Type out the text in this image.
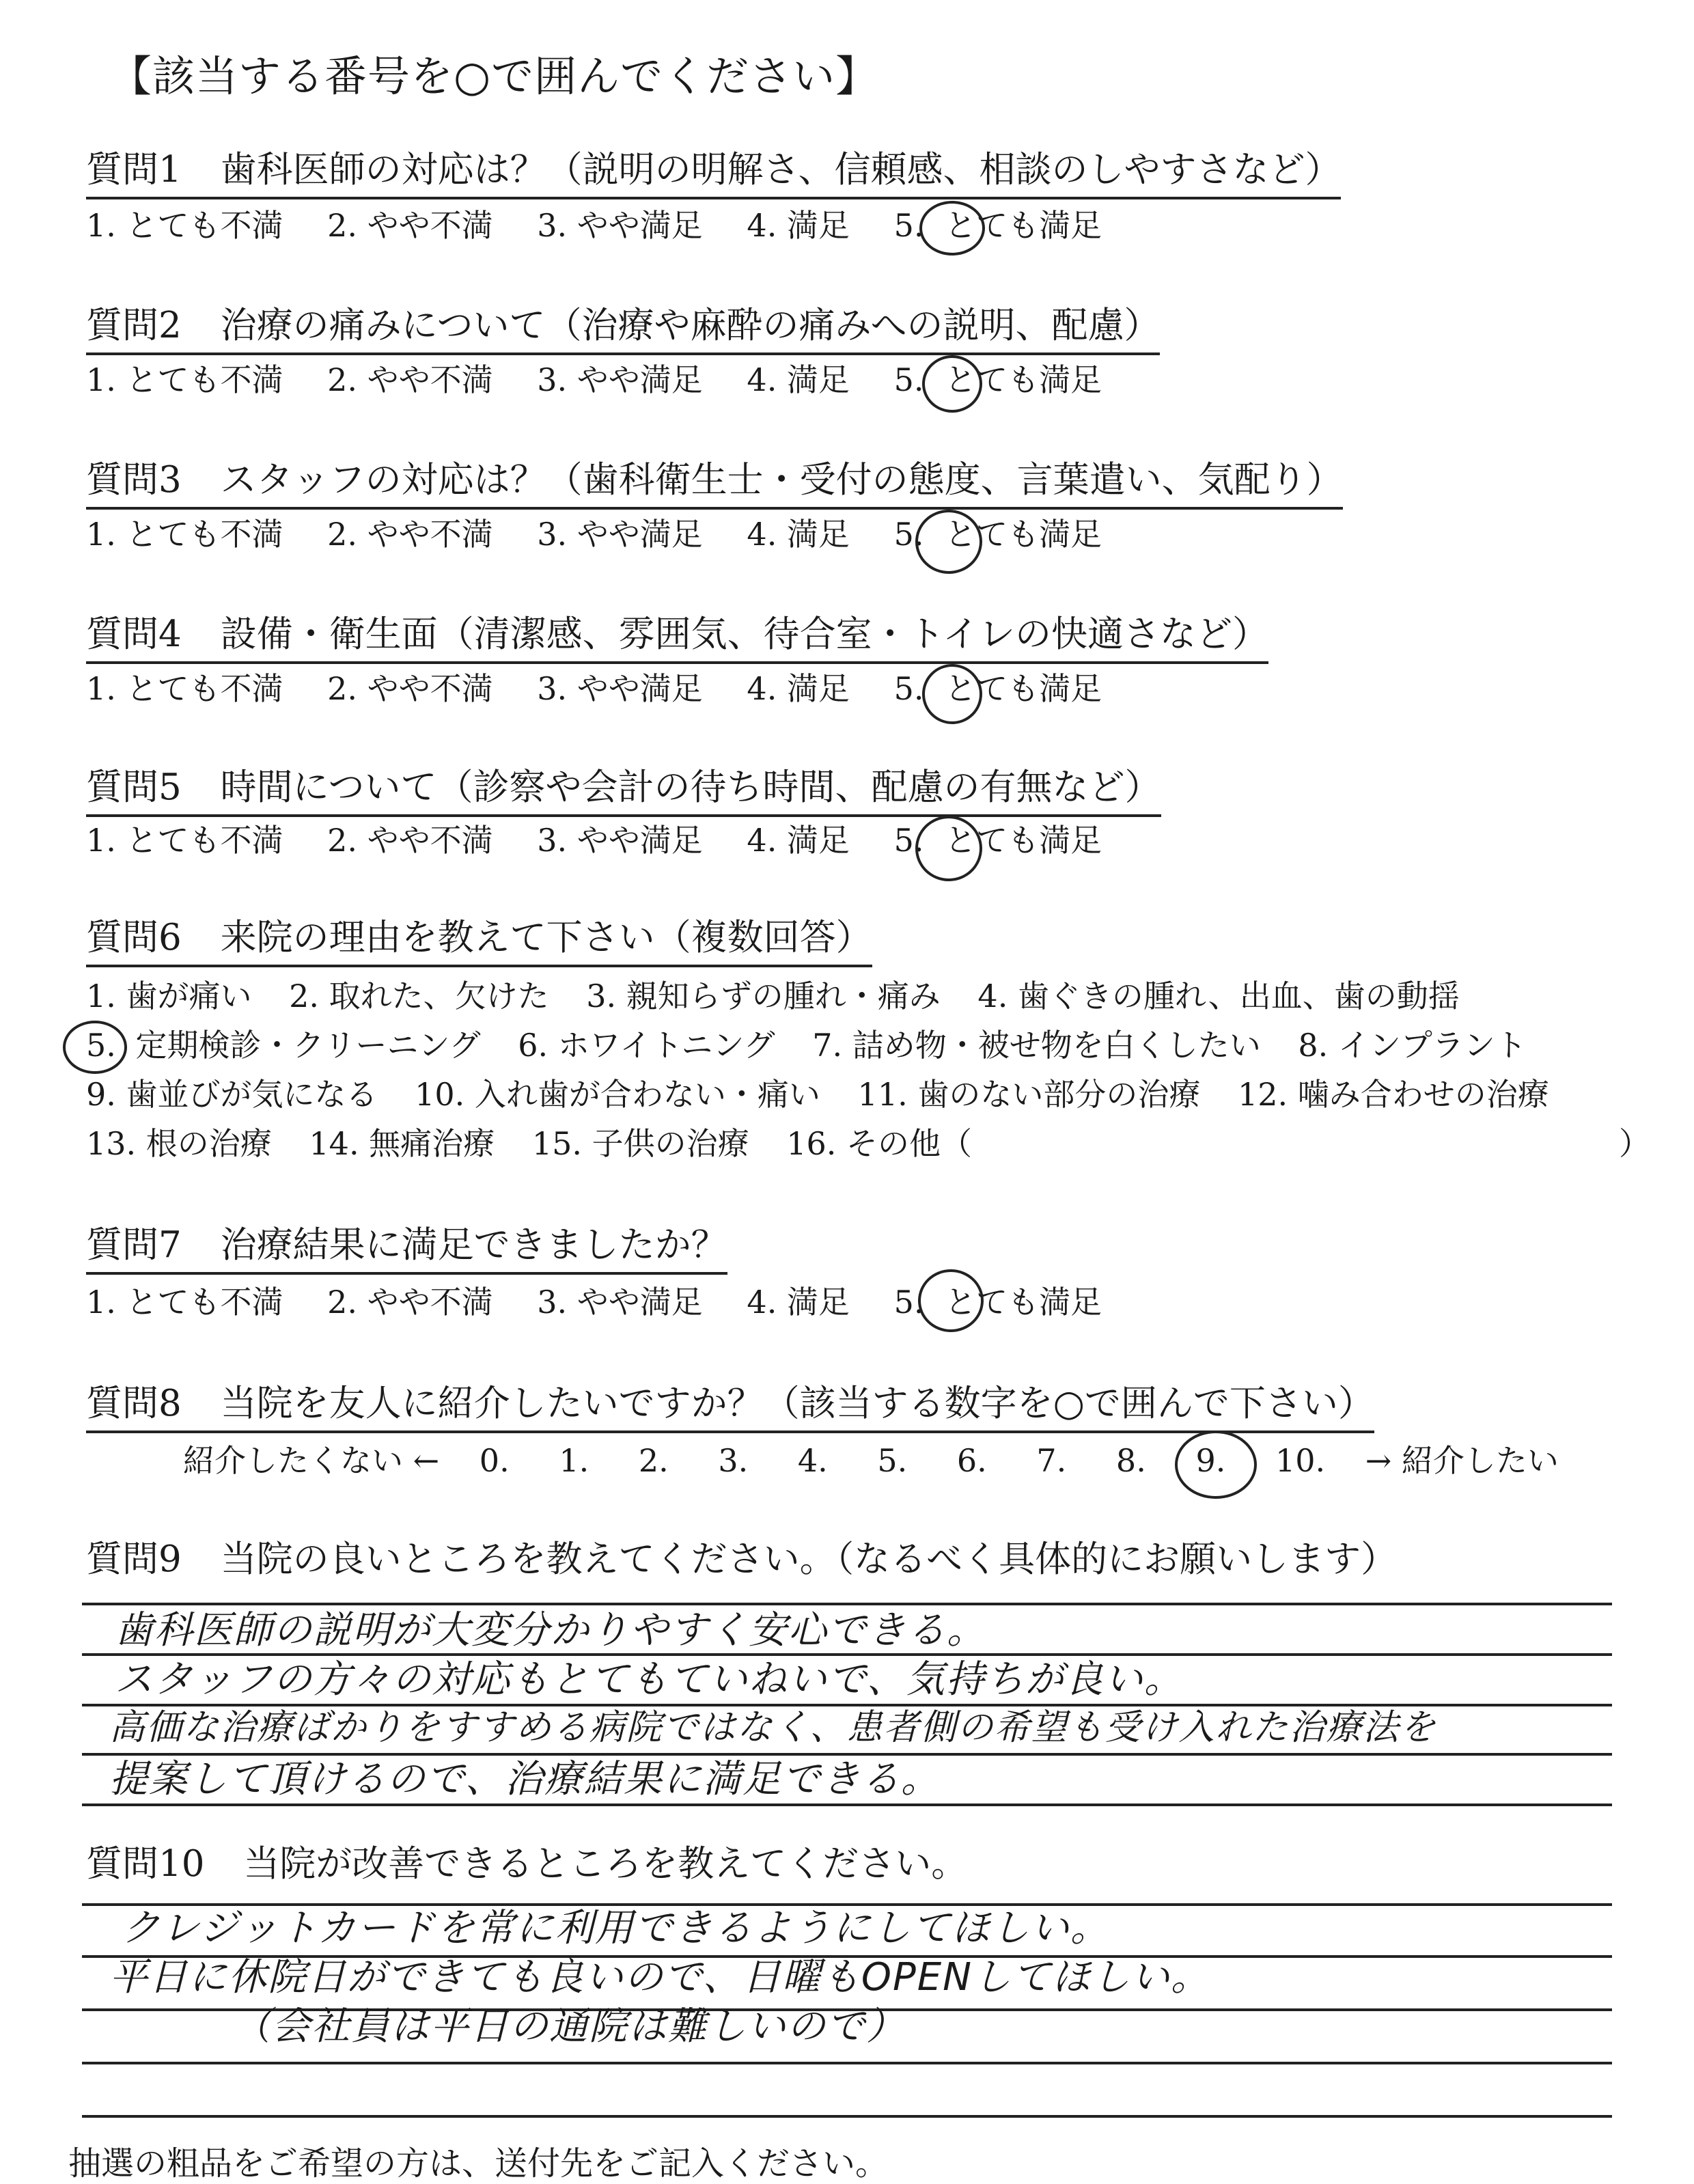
【該当する番号を○で囲んでください】
質問1 歯科医師の対応は？（説明の明解さ、信頼感、相談のしやすさなど）
1. とても不満 2. やや不満 3. やや満足 4. 満足 5. とても満足
質問2 治療の痛みについて（治療や麻酔の痛みへの説明、配慮）
1. とても不満 2. やや不満 3. やや満足 4. 満足 5. とても満足
質問3 スタッフの対応は？（歯科衛生士・受付の態度、言葉遣い、気配り）
1. とても不満 2. やや不満 3. やや満足 4. 満足 5. とても満足
質問4 設備・衛生面（清潔感、雰囲気、待合室・トイレの快適さなど）
1. とても不満 2. やや不満 3. やや満足 4. 満足 5. とても満足
質問5 時間について（診察や会計の待ち時間、配慮の有無など）
1. とても不満 2. やや不満 3. やや満足 4. 満足 5. とても満足
質問6 来院の理由を教えて下さい（複数回答）
1. 歯が痛い 2. 取れた、欠けた 3. 親知らずの腫れ・痛み 4. 歯ぐきの腫れ、出血、歯の動揺
5. 定期検診・クリーニング 6. ホワイトニング 7. 詰め物・被せ物を白くしたい 8. インプラント
9. 歯並びが気になる 10. 入れ歯が合わない・痛い 11. 歯のない部分の治療 12. 噛み合わせの治療
13. 根の治療 14. 無痛治療 15. 子供の治療 16. その他（	）
質問7 治療結果に満足できましたか？
1. とても不満 2. やや不満 3. やや満足 4. 満足 5. とても満足
質問8 当院を友人に紹介したいですか？（該当する数字を○で囲んで下さい）
紹介したくない ← 0. 1. 2. 3. 4. 5. 6. 7. 8. 9. 10. → 紹介したい
質問9 当院の良いところを教えてください。（なるべく具体的にお願いします）
歯科医師の説明が大変分かりやすく安心できる。
スタッフの方々の対応もとてもていねいで、気持ちが良い。
高価な治療ばかりをすすめる病院ではなく、患者側の希望も受け入れた治療法を
提案して頂けるので、治療結果に満足できる。
質問10 当院が改善できるところを教えてください。
クレジットカードを常に利用できるようにしてほしい。
平日に休院日ができても良いので、日曜もOPENしてほしい。
（会社員は平日の通院は難しいので）
抽選の粗品をご希望の方は、送付先をご記入ください。
